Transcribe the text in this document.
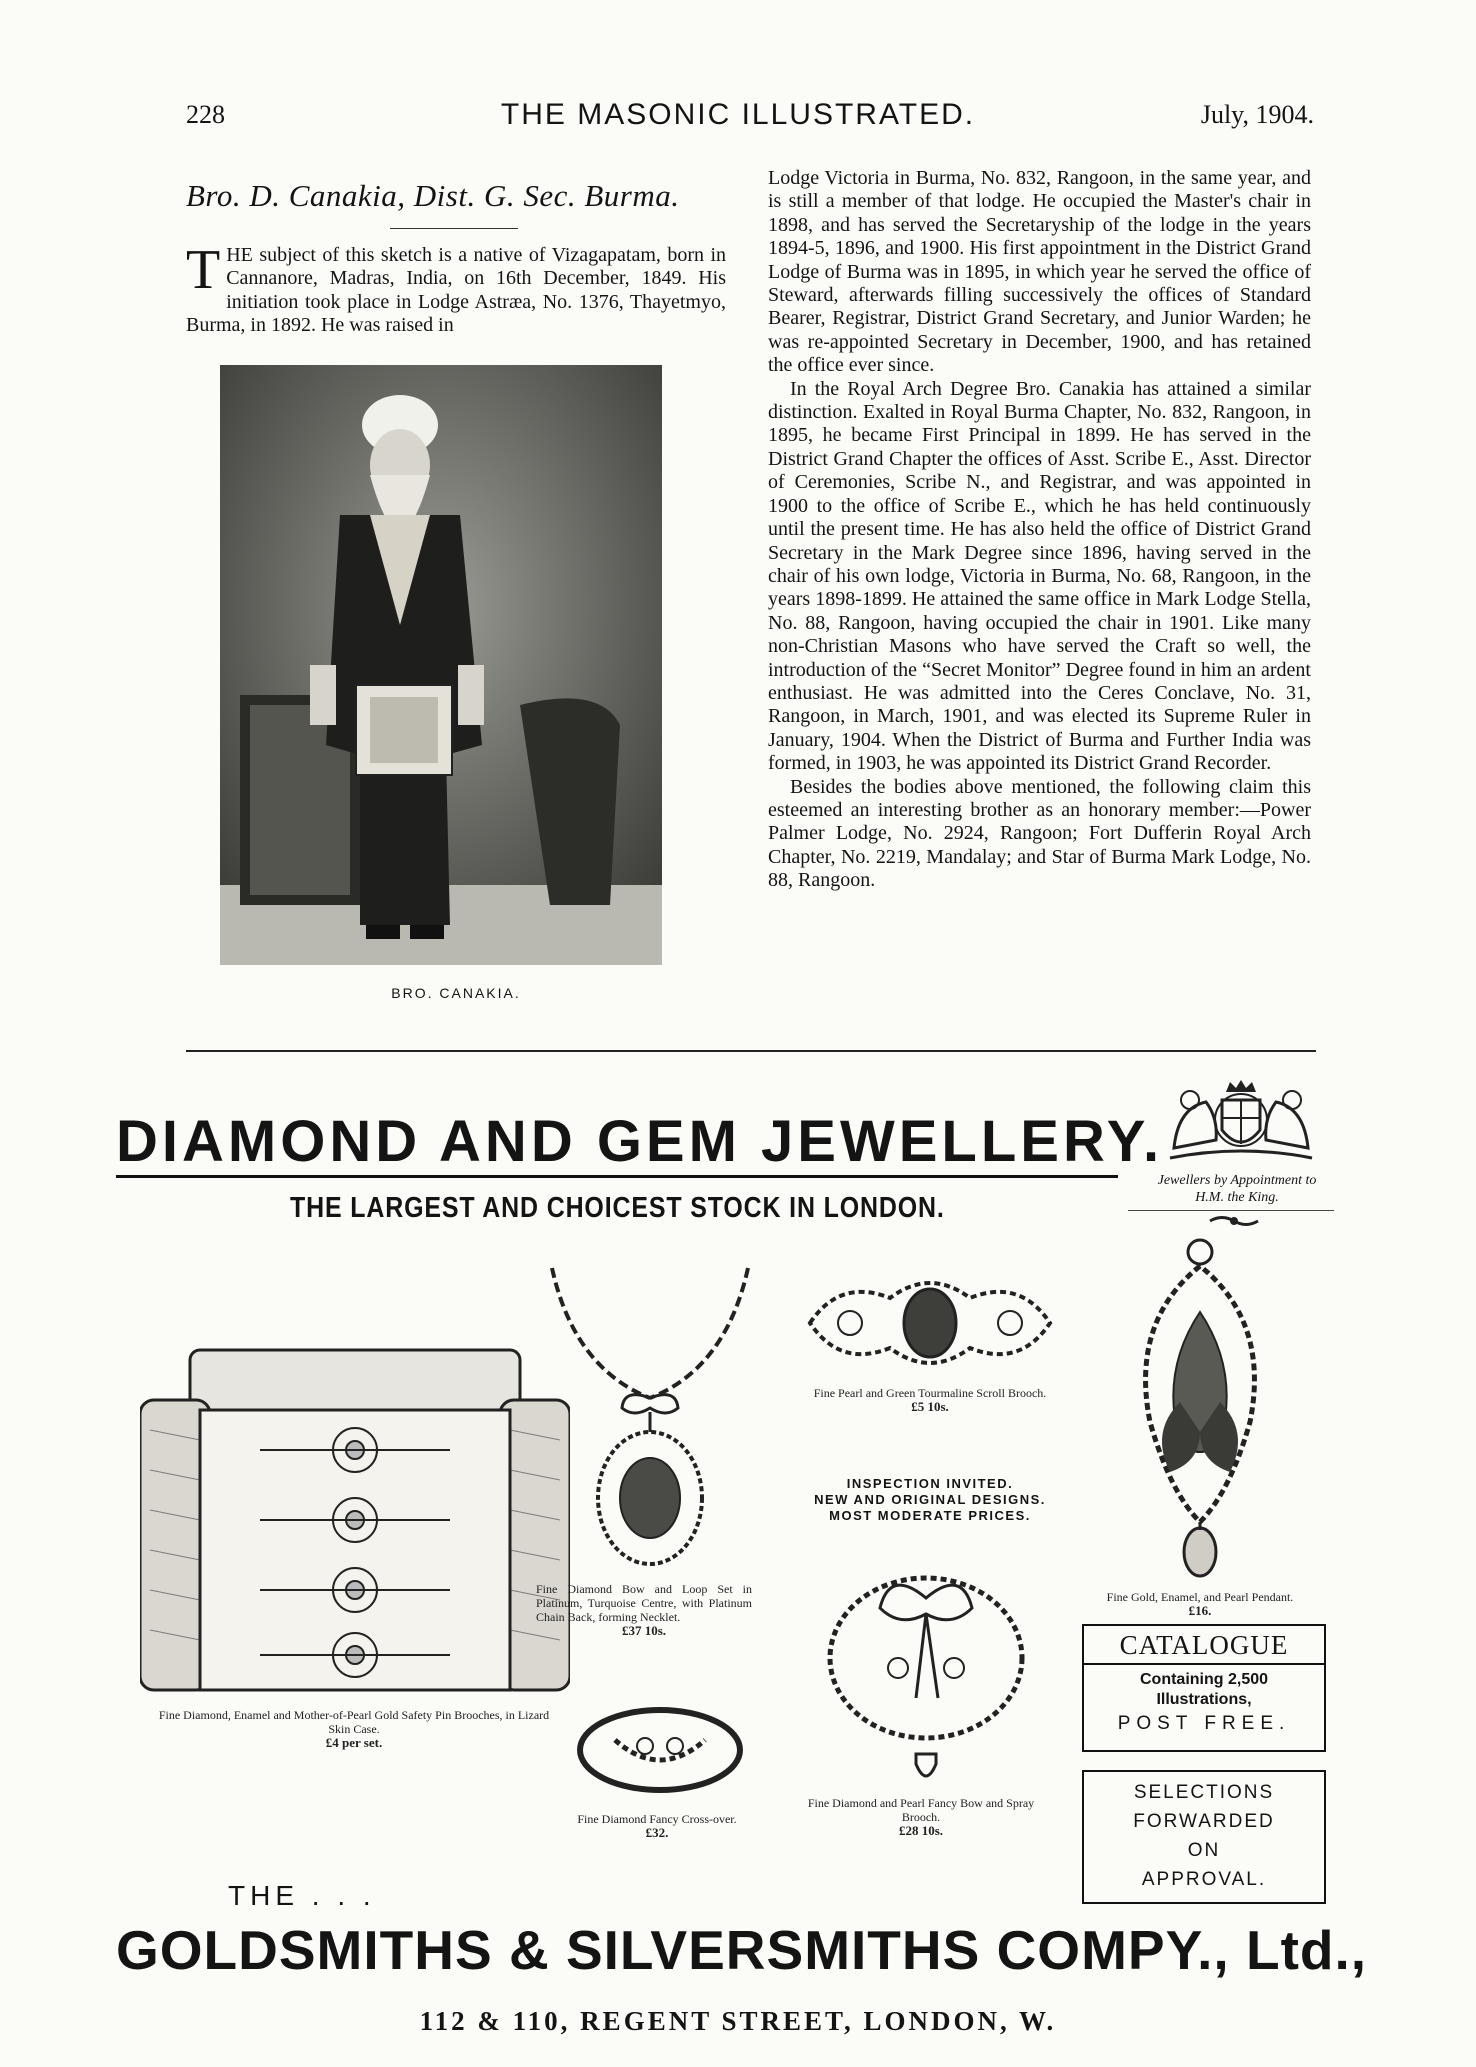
228	THE MASONIC ILLUSTRATED.	July, 1904.
Bro. D. Canakia, Dist. G. Sec. Burma.

THE subject of this sketch is a native of Vizagapatam, born in Cannanore, Madras, India, on 16th December, 1849. His initiation took place in Lodge Astræa, No. 1376, Thayetmyo, Burma, in 1892. He was raised in

BRO. CANAKIA.

Lodge Victoria in Burma, No. 832, Rangoon, in the same year, and is still a member of that lodge. He occupied the Master's chair in 1898, and has served the Secretaryship of the lodge in the years 1894-5, 1896, and 1900. His first appointment in the District Grand Lodge of Burma was in 1895, in which year he served the office of Steward, afterwards filling successively the offices of Standard Bearer, Registrar, District Grand Secretary, and Junior Warden; he was re-appointed Secretary in December, 1900, and has retained the office ever since.

In the Royal Arch Degree Bro. Canakia has attained a similar distinction. Exalted in Royal Burma Chapter, No. 832, Rangoon, in 1895, he became First Principal in 1899. He has served in the District Grand Chapter the offices of Asst. Scribe E., Asst. Director of Ceremonies, Scribe N., and Registrar, and was appointed in 1900 to the office of Scribe E., which he has held continuously until the present time. He has also held the office of District Grand Secretary in the Mark Degree since 1896, having served in the chair of his own lodge, Victoria in Burma, No. 68, Rangoon, in the years 1898-1899. He attained the same office in Mark Lodge Stella, No. 88, Rangoon, having occupied the chair in 1901. Like many non-Christian Masons who have served the Craft so well, the introduction of the “Secret Monitor” Degree found in him an ardent enthusiast. He was admitted into the Ceres Conclave, No. 31, Rangoon, in March, 1901, and was elected its Supreme Ruler in January, 1904. When the District of Burma and Further India was formed, in 1903, he was appointed its District Grand Recorder.

Besides the bodies above mentioned, the following claim this esteemed an interesting brother as an honorary member:—Power Palmer Lodge, No. 2924, Rangoon; Fort Dufferin Royal Arch Chapter, No. 2219, Mandalay; and Star of Burma Mark Lodge, No. 88, Rangoon.

DIAMOND AND GEM JEWELLERY.
THE LARGEST AND CHOICEST STOCK IN LONDON.
Jewellers by Appointment to
H.M. the King.
Fine Diamond, Enamel and Mother-of-Pearl Gold Safety Pin Brooches, in Lizard Skin Case.
£4 per set.
Fine Diamond Bow and Loop Set in Platinum, Turquoise Centre, with Platinum Chain Back, forming Necklet.
£37 10s.
Fine Diamond Fancy Cross-over.
£32.
Fine Pearl and Green Tourmaline Scroll Brooch.
£5 10s.
INSPECTION INVITED.
NEW AND ORIGINAL DESIGNS.
MOST MODERATE PRICES.
Fine Diamond and Pearl Fancy Bow and Spray Brooch.
£28 10s.
Fine Gold, Enamel, and Pearl Pendant.
£16.
CATALOGUE
Containing 2,500
Illustrations,
POST FREE.
SELECTIONS
FORWARDED
ON
APPROVAL.
THE . . .
GOLDSMITHS & SILVERSMITHS COMPY., Ltd.,
112 & 110, REGENT STREET, LONDON, W.
